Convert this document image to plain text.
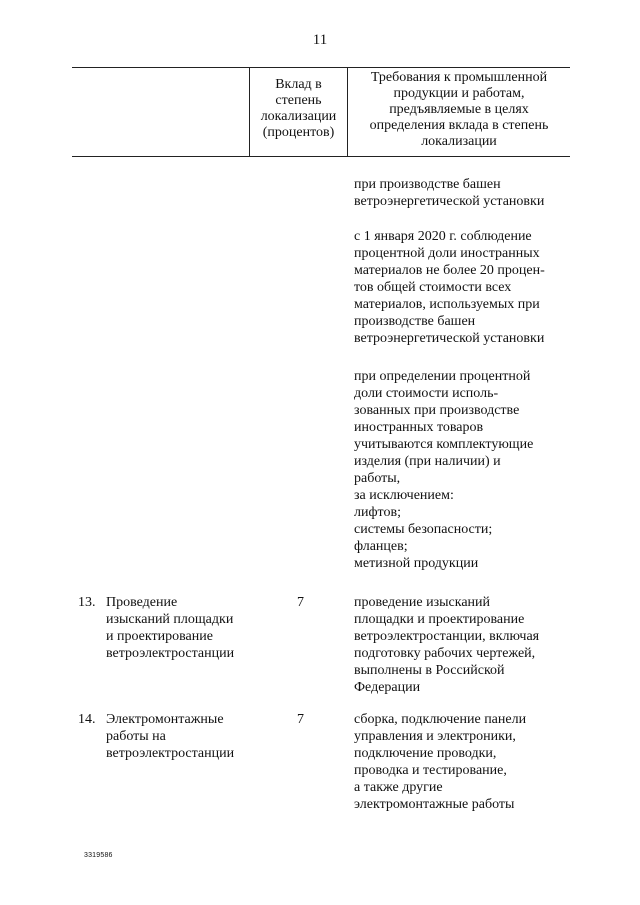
11
Вклад в
степень
локализации
(процентов)
Требования к промышленной
продукции и работам,
предъявляемые в целях
определения вклада в степень
локализации
при производстве башен
ветроэнергетической установки
с 1 января 2020 г. соблюдение
процентной доли иностранных
материалов не более 20 процен-
тов общей стоимости всех
материалов, используемых при
производстве башен
ветроэнергетической установки
при определении процентной
доли стоимости исполь-
зованных при производстве
иностранных товаров
учитываются комплектующие
изделия (при наличии) и
работы,
за исключением:
лифтов;
системы безопасности;
фланцев;
метизной продукции
13. Проведение
изысканий площадки
и проектирование
ветроэлектростанции
7	проведение изысканий
площадки и проектирование
ветроэлектростанции, включая
подготовку рабочих чертежей,
выполнены в Российской
Федерации
14. Электромонтажные
работы на
ветроэлектростанции
7	сборка, подключение панели
управления и электроники,
подключение проводки,
проводка и тестирование,
а также другие
электромонтажные работы
3319586
